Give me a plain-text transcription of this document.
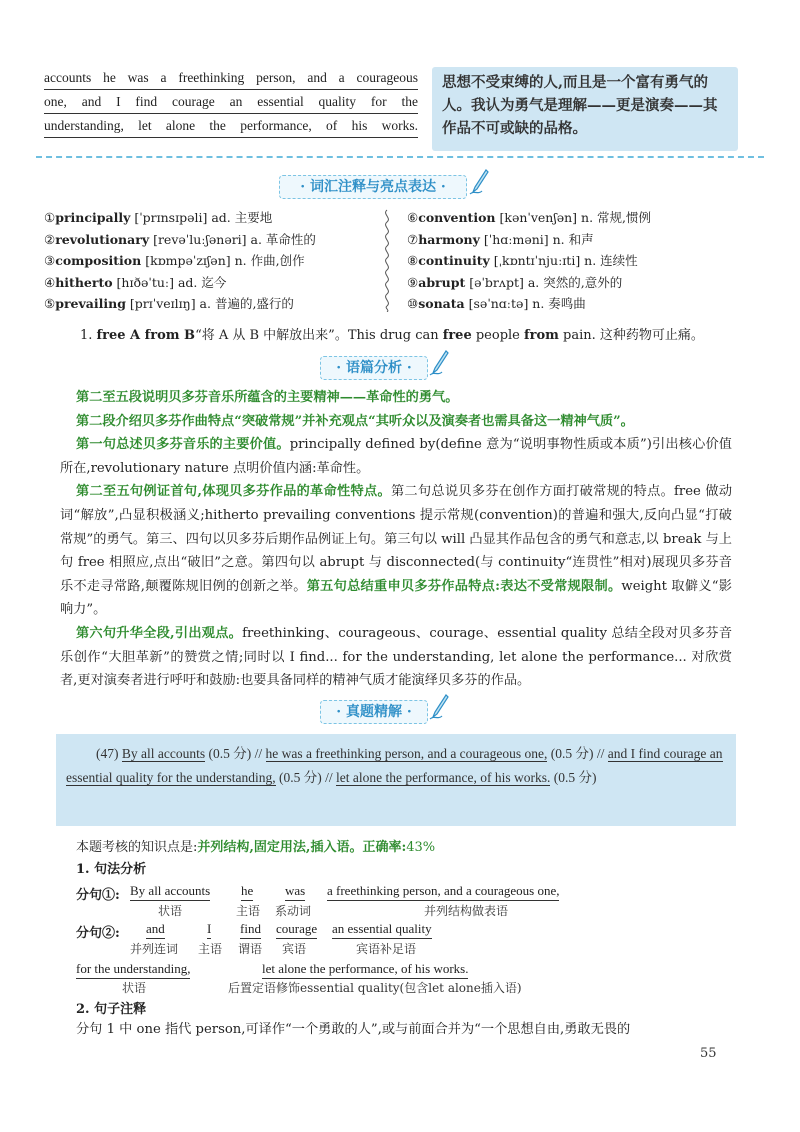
accounts he was a freethinking person, and a courageous
one, and I find courage an essential quality for the
understanding, let alone the performance, of his works.
思想不受束缚的人,而且是一个富有勇气的人。我认为勇气是理解——更是演奏——其作品不可或缺的品格。
· 词汇注释与亮点表达 ·
①principally [ˈprɪnsɪpəli] ad. 主要地
②revolutionary [revəˈluːʃənəri] a. 革命性的
③composition [kɒmpəˈzɪʃən] n. 作曲,创作
④hitherto [hɪðəˈtuː] ad. 迄今
⑤prevailing [prɪˈveɪlɪŋ] a. 普遍的,盛行的
⑥convention [kənˈvenʃən] n. 常规,惯例
⑦harmony [ˈhɑːməni] n. 和声
⑧continuity [ˌkɒntɪˈnjuːɪti] n. 连续性
⑨abrupt [əˈbrʌpt] a. 突然的,意外的
⑩sonata [səˈnɑːtə] n. 奏鸣曲
1. free A from B“将 A 从 B 中解放出来”。This drug can free people from pain. 这种药物可止痛。
· 语篇分析 ·

第二至五段说明贝多芬音乐所蕴含的主要精神——革命性的勇气。

第二段介绍贝多芬作曲特点“突破常规”并补充观点“其听众以及演奏者也需具备这一精神气质”。

第一句总述贝多芬音乐的主要价值。principally defined by(define 意为“说明事物性质或本质”)引出核心价值所在,revolutionary nature 点明价值内涵:革命性。

第二至五句例证首句,体现贝多芬作品的革命性特点。第二句总说贝多芬在创作方面打破常规的特点。free 做动词“解放”,凸显积极涵义;hitherto prevailing conventions 提示常规(convention)的普遍和强大,反向凸显“打破常规”的勇气。第三、四句以贝多芬后期作品例证上句。第三句以 will 凸显其作品包含的勇气和意志,以 break 与上句 free 相照应,点出“破旧”之意。第四句以 abrupt 与 disconnected(与 continuity“连贯性”相对)展现贝多芬音乐不走寻常路,颠覆陈规旧例的创新之举。第五句总结重申贝多芬作品特点:表达不受常规限制。weight 取僻义“影响力”。

第六句升华全段,引出观点。freethinking、courageous、courage、essential quality 总结全段对贝多芬音乐创作“大胆革新”的赞赏之情;同时以 I find... for the understanding, let alone the performance... 对欣赏者,更对演奏者进行呼吁和鼓励:也要具备同样的精神气质才能演绎贝多芬的作品。

· 真题精解 ·
(47) By all accounts (0.5 分) // he was a freethinking person, and a courageous one, (0.5 分) // and I find courage an essential quality for the understanding, (0.5 分) // let alone the performance, of his works. (0.5 分)
本题考核的知识点是:并列结构,固定用法,插入语。正确率:43%
1. 句法分析
分句①: By all accounts
状语
he
主语
was
系动词
a freethinking person, and a courageous one,
并列结构做表语
分句②: and
并列连词
I
主语
find
谓语
courage
宾语
an essential quality
宾语补足语
for the understanding,
状语
let alone the performance, of his works.
后置定语修饰essential quality(包含let alone插入语)
2. 句子注释
分句 1 中 one 指代 person,可译作“一个勇敢的人”,或与前面合并为“一个思想自由,勇敢无畏的
55
